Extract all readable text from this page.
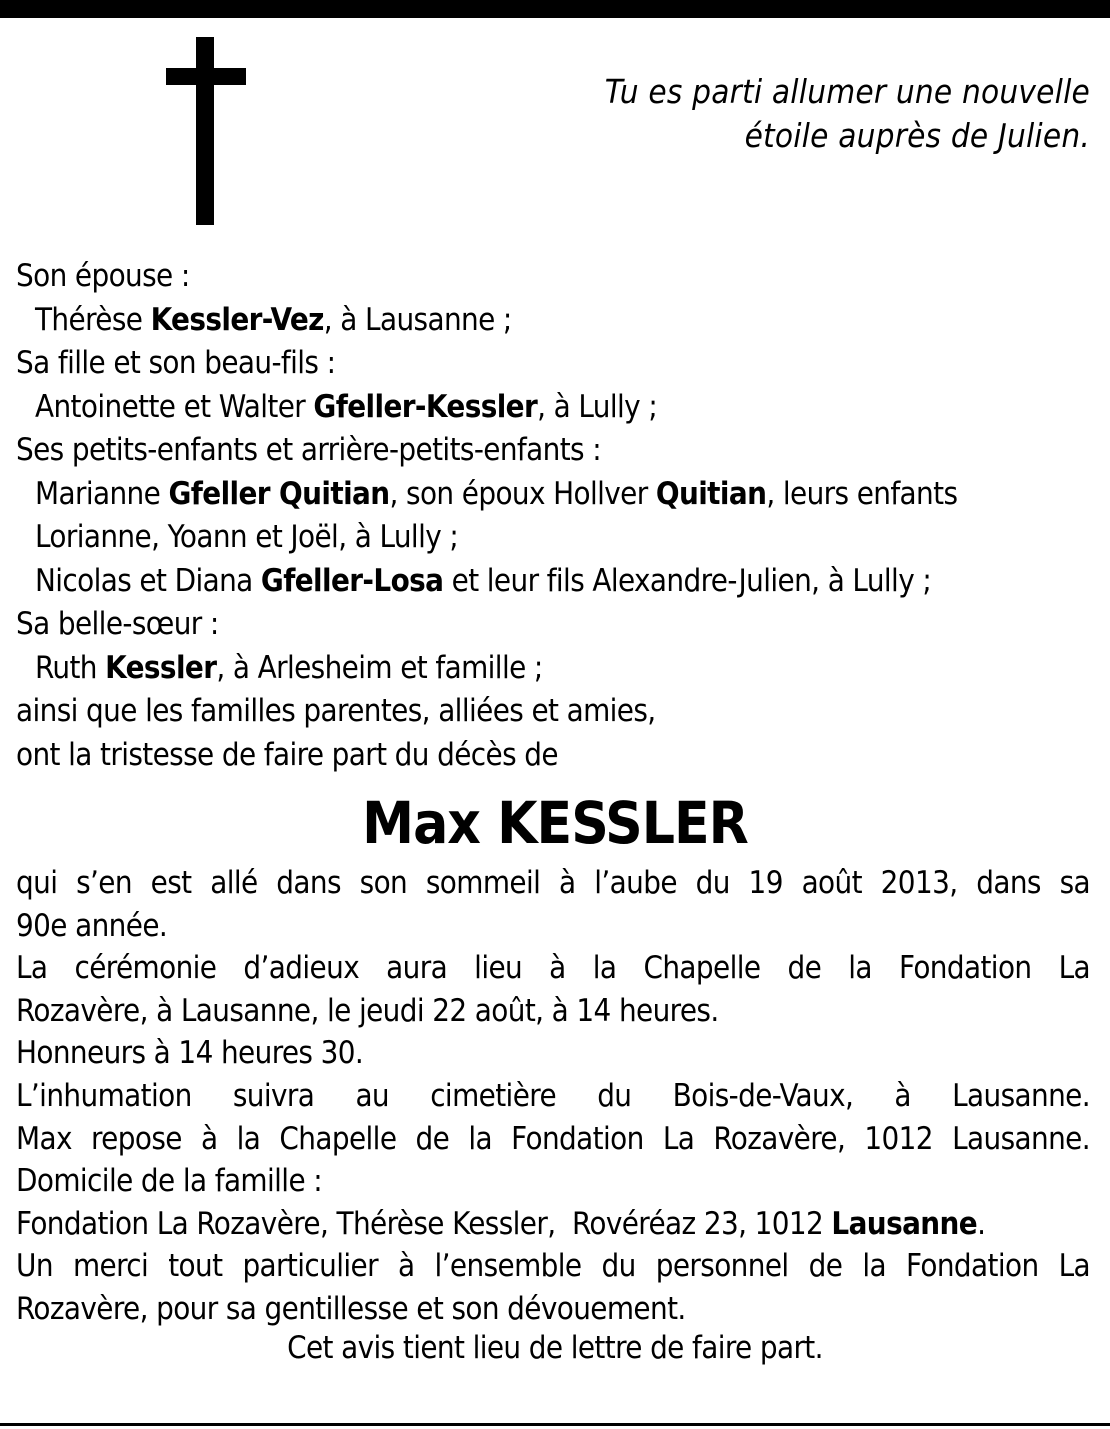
Tu es parti allumer une nouvelle
étoile auprès de Julien.
Son épouse :
Thérèse Kessler-Vez, à Lausanne ;
Sa fille et son beau-fils :
Antoinette et Walter Gfeller-Kessler, à Lully ;
Ses petits-enfants et arrière-petits-enfants :
Marianne Gfeller Quitian, son époux Hollver Quitian, leurs enfants
Lorianne, Yoann et Joël, à Lully ;
Nicolas et Diana Gfeller-Losa et leur fils Alexandre-Julien, à Lully ;
Sa belle-sœur :
Ruth Kessler, à Arlesheim et famille ;
ainsi que les familles parentes, alliées et amies,
ont la tristesse de faire part du décès de
Max KESSLER
qui s’en est allé dans son sommeil à l’aube du 19 août 2013, dans sa
90e année.
La cérémonie d’adieux aura lieu à la Chapelle de la Fondation La
Rozavère, à Lausanne, le jeudi 22 août, à 14 heures.
Honneurs à 14 heures 30.
L’inhumation suivra au cimetière du Bois-de-Vaux, à Lausanne.
Max repose à la Chapelle de la Fondation La Rozavère, 1012 Lausanne.
Domicile de la famille :
Fondation La Rozavère, Thérèse Kessler,  Rovéréaz 23, 1012 Lausanne.
Un merci tout particulier à l’ensemble du personnel de la Fondation La
Rozavère, pour sa gentillesse et son dévouement.
Cet avis tient lieu de lettre de faire part.
